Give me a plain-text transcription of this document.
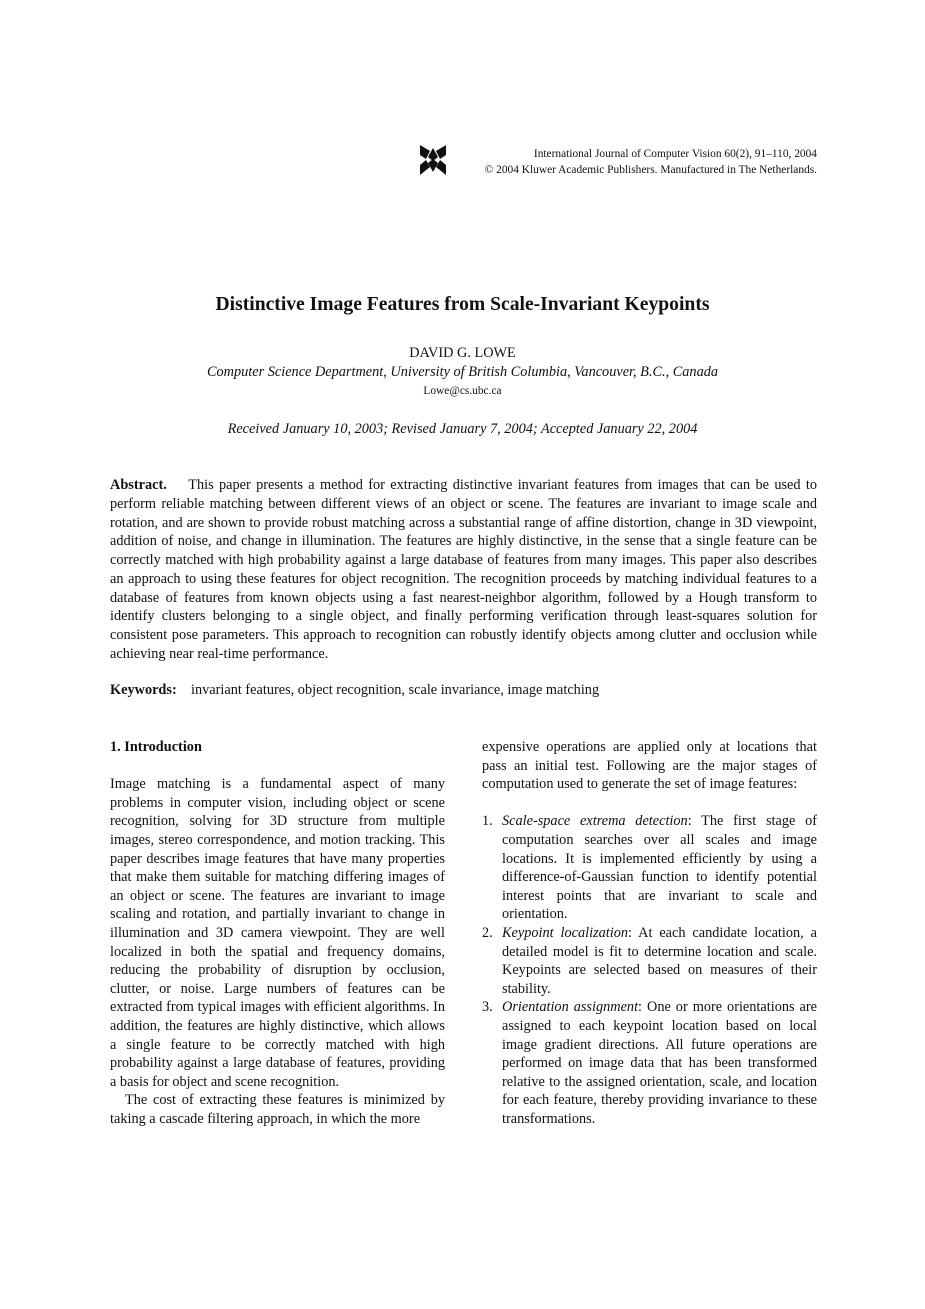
International Journal of Computer Vision 60(2), 91–110, 2004
© 2004 Kluwer Academic Publishers. Manufactured in The Netherlands.
Distinctive Image Features from Scale-Invariant Keypoints
DAVID G. LOWE
Computer Science Department, University of British Columbia, Vancouver, B.C., Canada
Lowe@cs.ubc.ca
Received January 10, 2003; Revised January 7, 2004; Accepted January 22, 2004

Abstract. This paper presents a method for extracting distinctive invariant features from images that can be used to perform reliable matching between different views of an object or scene. The features are invariant to image scale and rotation, and are shown to provide robust matching across a substantial range of affine distortion, change in 3D viewpoint, addition of noise, and change in illumination. The features are highly distinctive, in the sense that a single feature can be correctly matched with high probability against a large database of features from many images. This paper also describes an approach to using these features for object recognition. The recognition proceeds by matching individual features to a database of features from known objects using a fast nearest-neighbor algorithm, followed by a Hough transform to identify clusters belonging to a single object, and finally performing verification through least-squares solution for consistent pose parameters. This approach to recognition can robustly identify objects among clutter and occlusion while achieving near real-time performance.

Keywords: invariant features, object recognition, scale invariance, image matching

1. Introduction

Image matching is a fundamental aspect of many problems in computer vision, including object or scene recognition, solving for 3D structure from multiple images, stereo correspondence, and motion tracking. This paper describes image features that have many properties that make them suitable for matching differing images of an object or scene. The features are invariant to image scaling and rotation, and partially invariant to change in illumination and 3D camera viewpoint. They are well localized in both the spatial and frequency domains, reducing the probability of disruption by occlusion, clutter, or noise. Large numbers of features can be extracted from typical images with efficient algorithms. In addition, the features are highly distinctive, which allows a single feature to be correctly matched with high probability against a large database of features, providing a basis for object and scene recognition.

The cost of extracting these features is minimized by taking a cascade filtering approach, in which the more

expensive operations are applied only at locations that pass an initial test. Following are the major stages of computation used to generate the set of image features:

1. Scale-space extrema detection: The first stage of computation searches over all scales and image locations. It is implemented efficiently by using a difference-of-Gaussian function to identify potential interest points that are invariant to scale and orientation.
2. Keypoint localization: At each candidate location, a detailed model is fit to determine location and scale. Keypoints are selected based on measures of their stability.
3. Orientation assignment: One or more orientations are assigned to each keypoint location based on local image gradient directions. All future operations are performed on image data that has been transformed relative to the assigned orientation, scale, and location for each feature, thereby providing invariance to these transformations.
